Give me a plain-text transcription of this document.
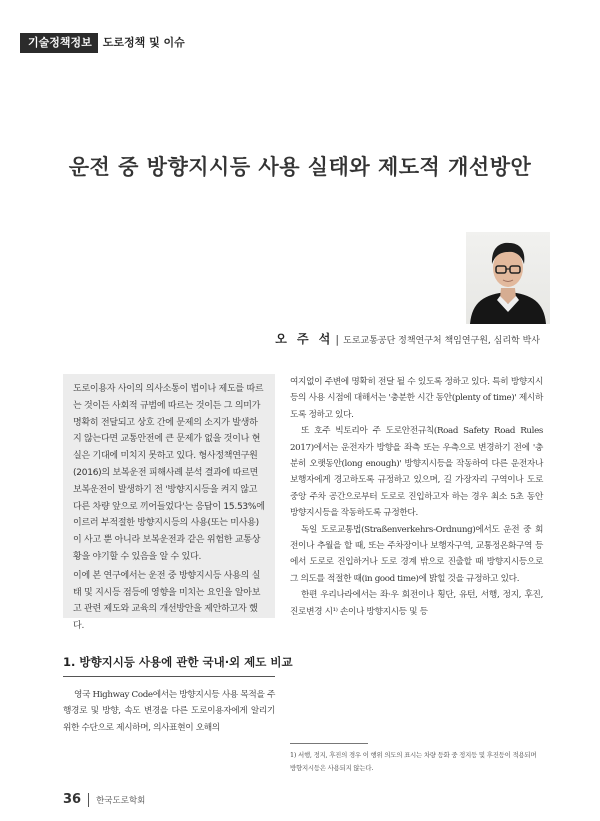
기술정책정보	도로정책 및 이슈
운전 중 방향지시등 사용 실태와 제도적 개선방안
오 주 석 | 도로교통공단 정책연구처 책임연구원, 심리학 박사

도로이용자 사이의 의사소통이 법이나 제도를 따르는 것이든 사회적 규범에 따르는 것이든 그 의미가 명확히 전달되고 상호 간에 문제의 소지가 발생하지 않는다면 교통안전에 큰 문제가 없을 것이나 현실은 기대에 미치지 못하고 있다. 형사정책연구원(2016)의 보복운전 피해사례 분석 결과에 따르면 보복운전이 발생하기 전 '방향지시등을 켜지 않고 다른 차량 앞으로 끼어들었다'는 응답이 15.53%에 이르러 부적절한 방향지시등의 사용(또는 미사용)이 사고 뿐 아니라 보복운전과 같은 위험한 교통상황을 야기할 수 있음을 알 수 있다.

이에 본 연구에서는 운전 중 방향지시등 사용의 실태 및 지시등 점등에 영향을 미치는 요인을 알아보고 관련 제도와 교육의 개선방안을 제안하고자 했다.

1. 방향지시등 사용에 관한 국내·외 제도 비교

영국 Highway Code에서는 방향지시등 사용 목적을 주행경로 및 방향, 속도 변경을 다른 도로이용자에게 알리기 위한 수단으로 제시하며, 의사표현이 오해의

여지없이 주변에 명확히 전달 될 수 있도록 정하고 있다. 특히 방향지시등의 사용 시점에 대해서는 '충분한 시간 동안(plenty of time)' 제시하도록 정하고 있다.

또 호주 빅토리아 주 도로안전규칙(Road Safety Road Rules 2017)에서는 운전자가 방향을 좌측 또는 우측으로 변경하기 전에 '충분히 오랫동안(long enough)' 방향지시등을 작동하여 다른 운전자나 보행자에게 경고하도록 규정하고 있으며, 길 가장자리 구역이나 도로 중앙 주차 공간으로부터 도로로 진입하고자 하는 경우 최소 5초 동안 방향지시등을 작동하도록 규정한다.

독일 도로교통법(Straßenverkehrs-Ordnung)에서도 운전 중 회전이나 추월을 할 때, 또는 주차장이나 보행자구역, 교통정온화구역 등에서 도로로 진입하거나 도로 경계 밖으로 진출할 때 방향지시등으로 그 의도를 적절한 때(in good time)에 밝힐 것을 규정하고 있다.

한편 우리나라에서는 좌·우 회전이나 횡단, 유턴, 서행, 정지, 후진, 진로변경 시¹⁾ 손이나 방향지시등 및 등

1) 서행, 정지, 후진의 경우 이 행위 의도의 표시는 차량 등화 중 정지등 및 후진등이 적용되며 방향지시등은 사용되지 않는다.
36 한국도로학회
